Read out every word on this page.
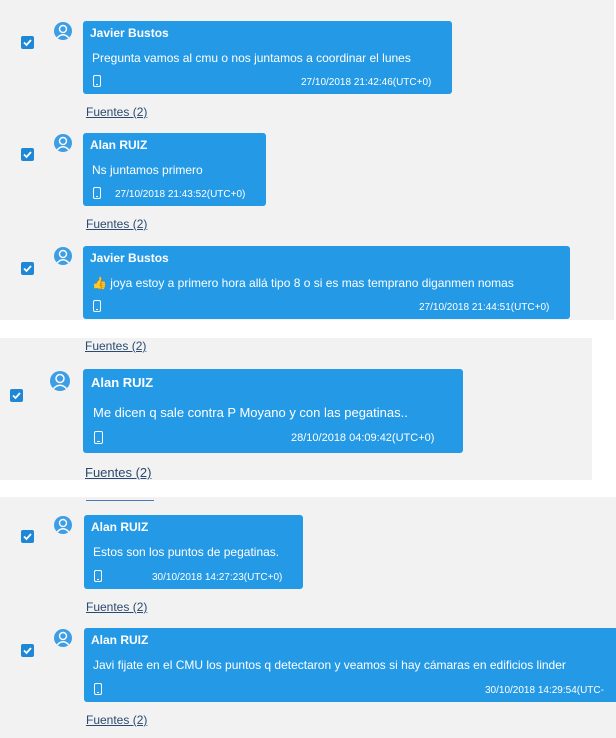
Javier Bustos
Pregunta vamos al cmu o nos juntamos a coordinar el lunes
27/10/2018 21:42:46(UTC+0)
Fuentes (2)
Alan RUIZ
Ns juntamos primero
27/10/2018 21:43:52(UTC+0)
Fuentes (2)
Javier Bustos
👍 joya estoy a primero hora allá tipo 8 o si es mas temprano diganmen nomas
27/10/2018 21:44:51(UTC+0)
Fuentes (2)
Alan RUIZ
Me dicen q sale contra P Moyano y con las pegatinas..
28/10/2018 04:09:42(UTC+0)
Fuentes (2)
Alan RUIZ
Estos son los puntos de pegatinas.
30/10/2018 14:27:23(UTC+0)
Fuentes (2)
Alan RUIZ
Javi fijate en el CMU los puntos q detectaron y veamos si hay cámaras en edificios linder
30/10/2018 14:29:54(UTC-
Fuentes (2)
